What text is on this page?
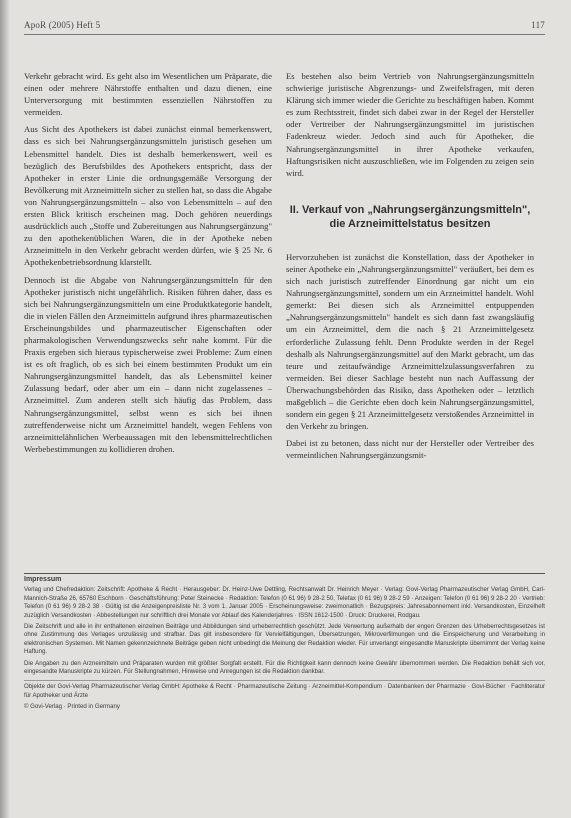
ApoR (2005) Heft 5	117

Verkehr gebracht wird. Es geht also im Wesentlichen um Präparate, die einen oder mehrere Nährstoffe enthalten und dazu dienen, eine Unterversorgung mit bestimmten essenziellen Nährstoffen zu vermeiden.

Aus Sicht des Apothekers ist dabei zunächst einmal bemerkenswert, dass es sich bei Nahrungsergänzungsmitteln juristisch gesehen um Lebensmittel handelt. Dies ist deshalb bemerkenswert, weil es bezüglich des Berufsbildes des Apothekers entspricht, dass der Apotheker in erster Linie die ordnungsgemäße Versorgung der Bevölkerung mit Arzneimitteln sicher zu stellen hat, so dass die Abgabe von Nahrungsergänzungsmitteln – also von Lebensmitteln – auf den ersten Blick kritisch erscheinen mag. Doch gehören neuerdings ausdrücklich auch „Stoffe und Zubereitungen aus Nahrungsergänzung" zu den apothekenüblichen Waren, die in der Apotheke neben Arzneimitteln in den Verkehr gebracht werden dürfen, wie § 25 Nr. 6 Apothekenbetriebsordnung klarstellt.

Dennoch ist die Abgabe von Nahrungsergänzungsmitteln für den Apotheker juristisch nicht ungefährlich. Risiken führen daher, dass es sich bei Nahrungsergänzungsmitteln um eine Produktkategorie handelt, die in vielen Fällen den Arzneimitteln aufgrund ihres pharmazeutischen Erscheinungsbildes und pharmazeutischer Eigenschaften oder pharmakologischen Verwendungszwecks sehr nahe kommt. Für die Praxis ergeben sich hieraus typischerweise zwei Probleme: Zum einen ist es oft fraglich, ob es sich bei einem bestimmten Produkt um ein Nahrungsergänzungsmittel handelt, das als Lebensmittel keiner Zulassung bedarf, oder aber um ein – dann nicht zugelassenes – Arzneimittel. Zum anderen stellt sich häufig das Problem, dass Nahrungsergänzungsmittel, selbst wenn es sich bei ihnen zutreffenderweise nicht um Arzneimittel handelt, wegen Fehlens von arzneimittelähnlichen Werbeaussagen mit den lebensmittelrechtlichen Werbebestimmungen zu kollidieren drohen.

Es bestehen also beim Vertrieb von Nahrungsergänzungsmitteln schwierige juristische Abgrenzungs- und Zweifelsfragen, mit deren Klärung sich immer wieder die Gerichte zu beschäftigen haben. Kommt es zum Rechtsstreit, findet sich dabei zwar in der Regel der Hersteller oder Vertreiber der Nahrungsergänzungsmittel im juristischen Fadenkreuz wieder. Jedoch sind auch für Apotheker, die Nahrungsergänzungsmittel in ihrer Apotheke verkaufen, Haftungsrisiken nicht auszuschließen, wie im Folgenden zu zeigen sein wird.

II. Verkauf von „Nahrungsergänzungsmitteln", die Arzneimittelstatus besitzen

Hervorzuheben ist zunächst die Konstellation, dass der Apotheker in seiner Apotheke ein „Nahrungsergänzungsmittel" veräußert, bei dem es sich nach juristisch zutreffender Einordnung gar nicht um ein Nahrungsergänzungsmittel, sondern um ein Arzneimittel handelt. Wohl gemerkt: Bei diesen sich als Arzneimittel entpuppenden „Nahrungsergänzungsmitteln" handelt es sich dann fast zwangsläufig um ein Arzneimittel, dem die nach § 21 Arzneimittelgesetz erforderliche Zulassung fehlt. Denn Produkte werden in der Regel deshalb als Nahrungsergänzungsmittel auf den Markt gebracht, um das teure und zeitaufwändige Arzneimittelzulassungsverfahren zu vermeiden. Bei dieser Sachlage besteht nun nach Auffassung der Überwachungsbehörden das Risiko, dass Apotheken oder – letztlich maßgeblich – die Gerichte eben doch kein Nahrungsergänzungsmittel, sondern ein gegen § 21 Arzneimittelgesetz verstoßendes Arzneimittel in den Verkehr zu bringen.

Dabei ist zu betonen, dass nicht nur der Hersteller oder Vertreiber des vermeintlichen Nahrungsergänzungsmit-

Impressum

Verlag und Chefredaktion: Zeitschrift: Apotheke & Recht · Herausgeber: Dr. Heinz-Uwe Dettling, Rechtsanwalt Dr. Heinrich Meyer · Verlag: Govi-Verlag Pharmazeutischer Verlag GmbH, Carl-Mannich-Straße 26, 65760 Eschborn · Geschäftsführung: Peter Steinecke · Redaktion: Telefon (0 61 96) 9 28-2 50, Telefax (0 61 96) 9 28-2 59 · Anzeigen: Telefon (0 61 96) 9 28-2 20 · Vertrieb: Telefon (0 61 96) 9 28-2 38 · Gültig ist die Anzeigenpreisliste Nr. 3 vom 1. Januar 2005 · Erscheinungsweise: zweimonatlich · Bezugspreis: Jahresabonnement inkl. Versandkosten, Einzelheft zuzüglich Versandkosten · Abbestellungen nur schriftlich drei Monate vor Ablauf des Kalenderjahres · ISSN 1612-1500 · Druck: Druckerei, Rodgau.

Die Zeitschrift und alle in ihr enthaltenen einzelnen Beiträge und Abbildungen sind urheberrechtlich geschützt. Jede Verwertung außerhalb der engen Grenzen des Urheberrechtsgesetzes ist ohne Zustimmung des Verlages unzulässig und strafbar. Das gilt insbesondere für Vervielfältigungen, Übersetzungen, Mikroverfilmungen und die Einspeicherung und Verarbeitung in elektronischen Systemen. Mit Namen gekennzeichnete Beiträge geben nicht unbedingt die Meinung der Redaktion wieder. Für unverlangt eingesandte Manuskripte übernimmt der Verlag keine Haftung.

Die Angaben zu den Arzneimitteln und Präparaten wurden mit größter Sorgfalt erstellt. Für die Richtigkeit kann dennoch keine Gewähr übernommen werden. Die Redaktion behält sich vor, eingesandte Manuskripte zu kürzen. Für Stellungnahmen, Hinweise und Anregungen ist die Redaktion dankbar.

Objekte der Govi-Verlag Pharmazeutischer Verlag GmbH: Apotheke & Recht · Pharmazeutische Zeitung · Arzneimittel-Kompendium · Datenbanken der Pharmazie · Govi-Bücher · Fachliteratur für Apotheker und Ärzte

© Govi-Verlag · Printed in Germany
